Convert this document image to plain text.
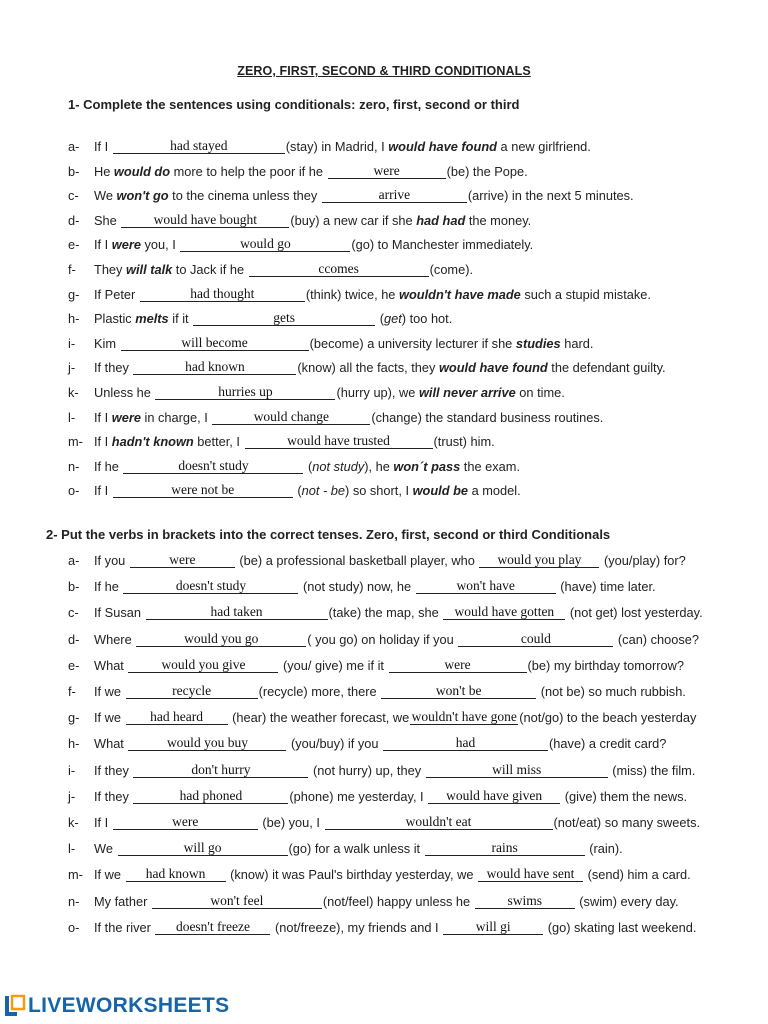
ZERO, FIRST, SECOND & THIRD CONDITIONALS
1- Complete the sentences using conditionals: zero, first, second or third
a-	If I	had stayed	(stay) in Madrid, I would have found a new girlfriend.
b-	He would do more to help the poor if he	were	(be) the Pope.
c-	We won't go to the cinema unless they	arrive	(arrive) in the next 5 minutes.
d-	She	would have bought	(buy) a new car if she had had the money.
e-	If I were you, I	would go	(go) to Manchester immediately.
f-	They will talk to Jack if he	ccomes	(come).
g-	If Peter	had thought	(think) twice, he wouldn't have made such a stupid mistake.
h-	Plastic melts if it	gets	( get ) too hot.
i-	Kim	will become	(become) a university lecturer if she studies hard.
j-	If they	had known	(know) all the facts, they would have found the defendant guilty.
k-	Unless he	hurries up	(hurry up), we will never arrive on time.
l-	If I were in charge, I	would change	(change) the standard business routines.
m- If I hadn't known better, I	would have trusted	(trust) him.
n-	If he	doesn't study	( not study ), he won´t pass the exam.
o-	If I	were not be	( not - be ) so short, I would be a model.
2- Put the verbs in brackets into the correct tenses. Zero, first, second or third Conditionals
a-	If you	were	(be) a professional basketball player, who	would you play	(you/play) for?
b-	If he	doesn't study	(not study) now, he	won't have	(have) time later.
c-	If Susan	had taken	(take) the map, she would have gotten (not get) lost yesterday.
d-	Where	would you go	( you go) on holiday if you	could	(can) choose?
e-	What	would you give	(you/ give) me if it	were	(be) my birthday tomorrow?
f-	If we	recycle	(recycle) more, there	won't be	(not be) so much rubbish.
g-	If we	had heard	(hear) the weather forecast, we wouldn't have gone (not/go) to the beach yesterday
h-	What	would you buy	(you/buy) if you	had	(have) a credit card?
i-	If they	don't hurry	(not hurry) up, they	will miss	(miss) the film.
j-	If they	had phoned	(phone) me yesterday, I	would have given	(give) them the news.
k-	If I	were	(be) you, I	wouldn't eat	(not/eat) so many sweets.
l-	We	will go	(go) for a walk unless it	rains	(rain).
m- If we	had known	(know) it was Paul's birthday yesterday, we would have sent (send) him a card.
n-	My father	won't feel	(not/feel) happy unless he	swims	(swim) every day.
o-	If the river	doesn't freeze	(not/freeze), my friends and I	will gi	(go) skating last weekend.
LIVEWORKSHEETS
